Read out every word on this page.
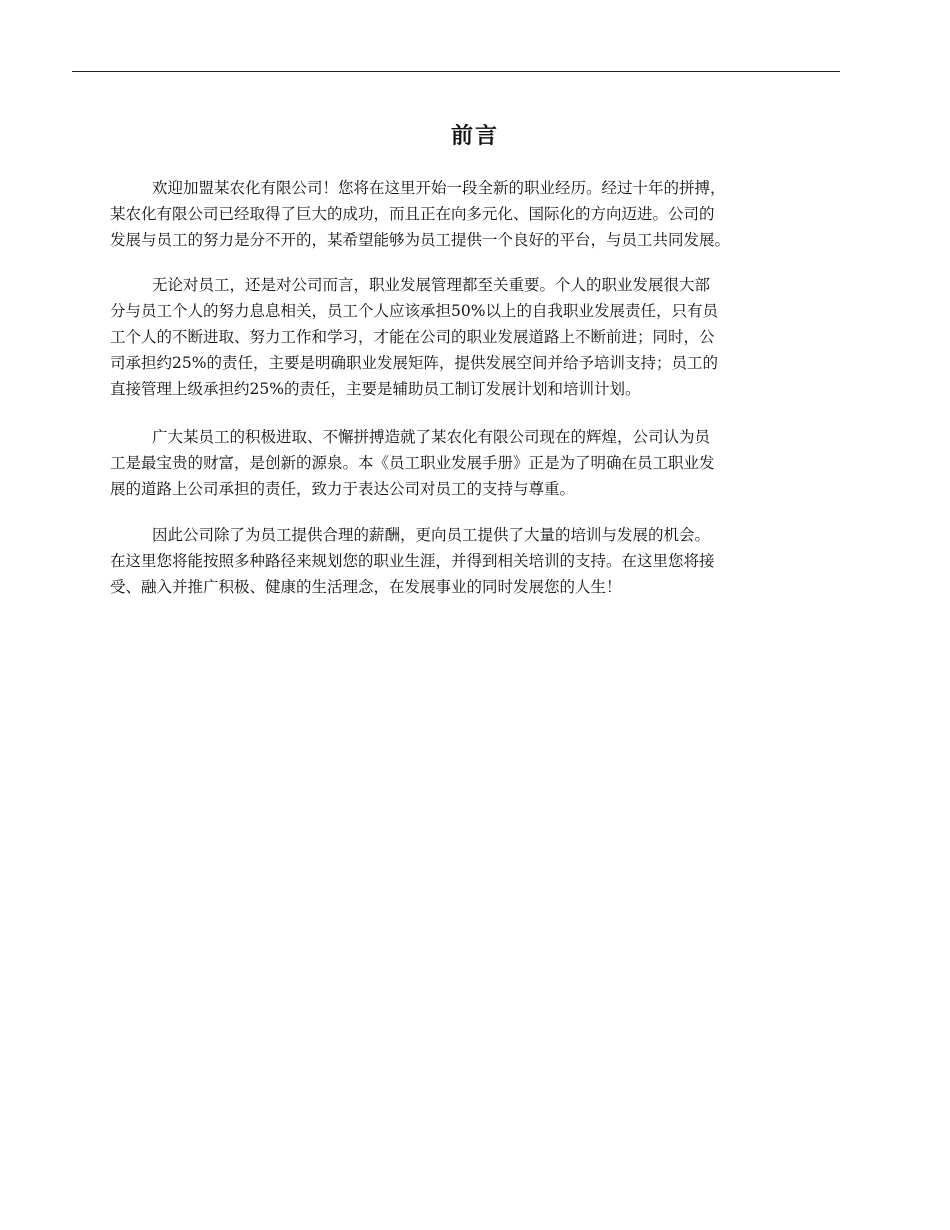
前言
欢迎加盟某农化有限公司！您将在这里开始一段全新的职业经历。经过十年的拼搏，
某农化有限公司已经取得了巨大的成功，而且正在向多元化、国际化的方向迈进。公司的
发展与员工的努力是分不开的，某希望能够为员工提供一个良好的平台，与员工共同发展。
无论对员工，还是对公司而言，职业发展管理都至关重要。个人的职业发展很大部
分与员工个人的努力息息相关，员工个人应该承担50%以上的自我职业发展责任，只有员
工个人的不断进取、努力工作和学习，才能在公司的职业发展道路上不断前进；同时，公
司承担约25%的责任，主要是明确职业发展矩阵，提供发展空间并给予培训支持；员工的
直接管理上级承担约25%的责任，主要是辅助员工制订发展计划和培训计划。
广大某员工的积极进取、不懈拼搏造就了某农化有限公司现在的辉煌，公司认为员
工是最宝贵的财富，是创新的源泉。本《员工职业发展手册》正是为了明确在员工职业发
展的道路上公司承担的责任，致力于表达公司对员工的支持与尊重。
因此公司除了为员工提供合理的薪酬，更向员工提供了大量的培训与发展的机会。
在这里您将能按照多种路径来规划您的职业生涯，并得到相关培训的支持。在这里您将接
受、融入并推广积极、健康的生活理念，在发展事业的同时发展您的人生！
